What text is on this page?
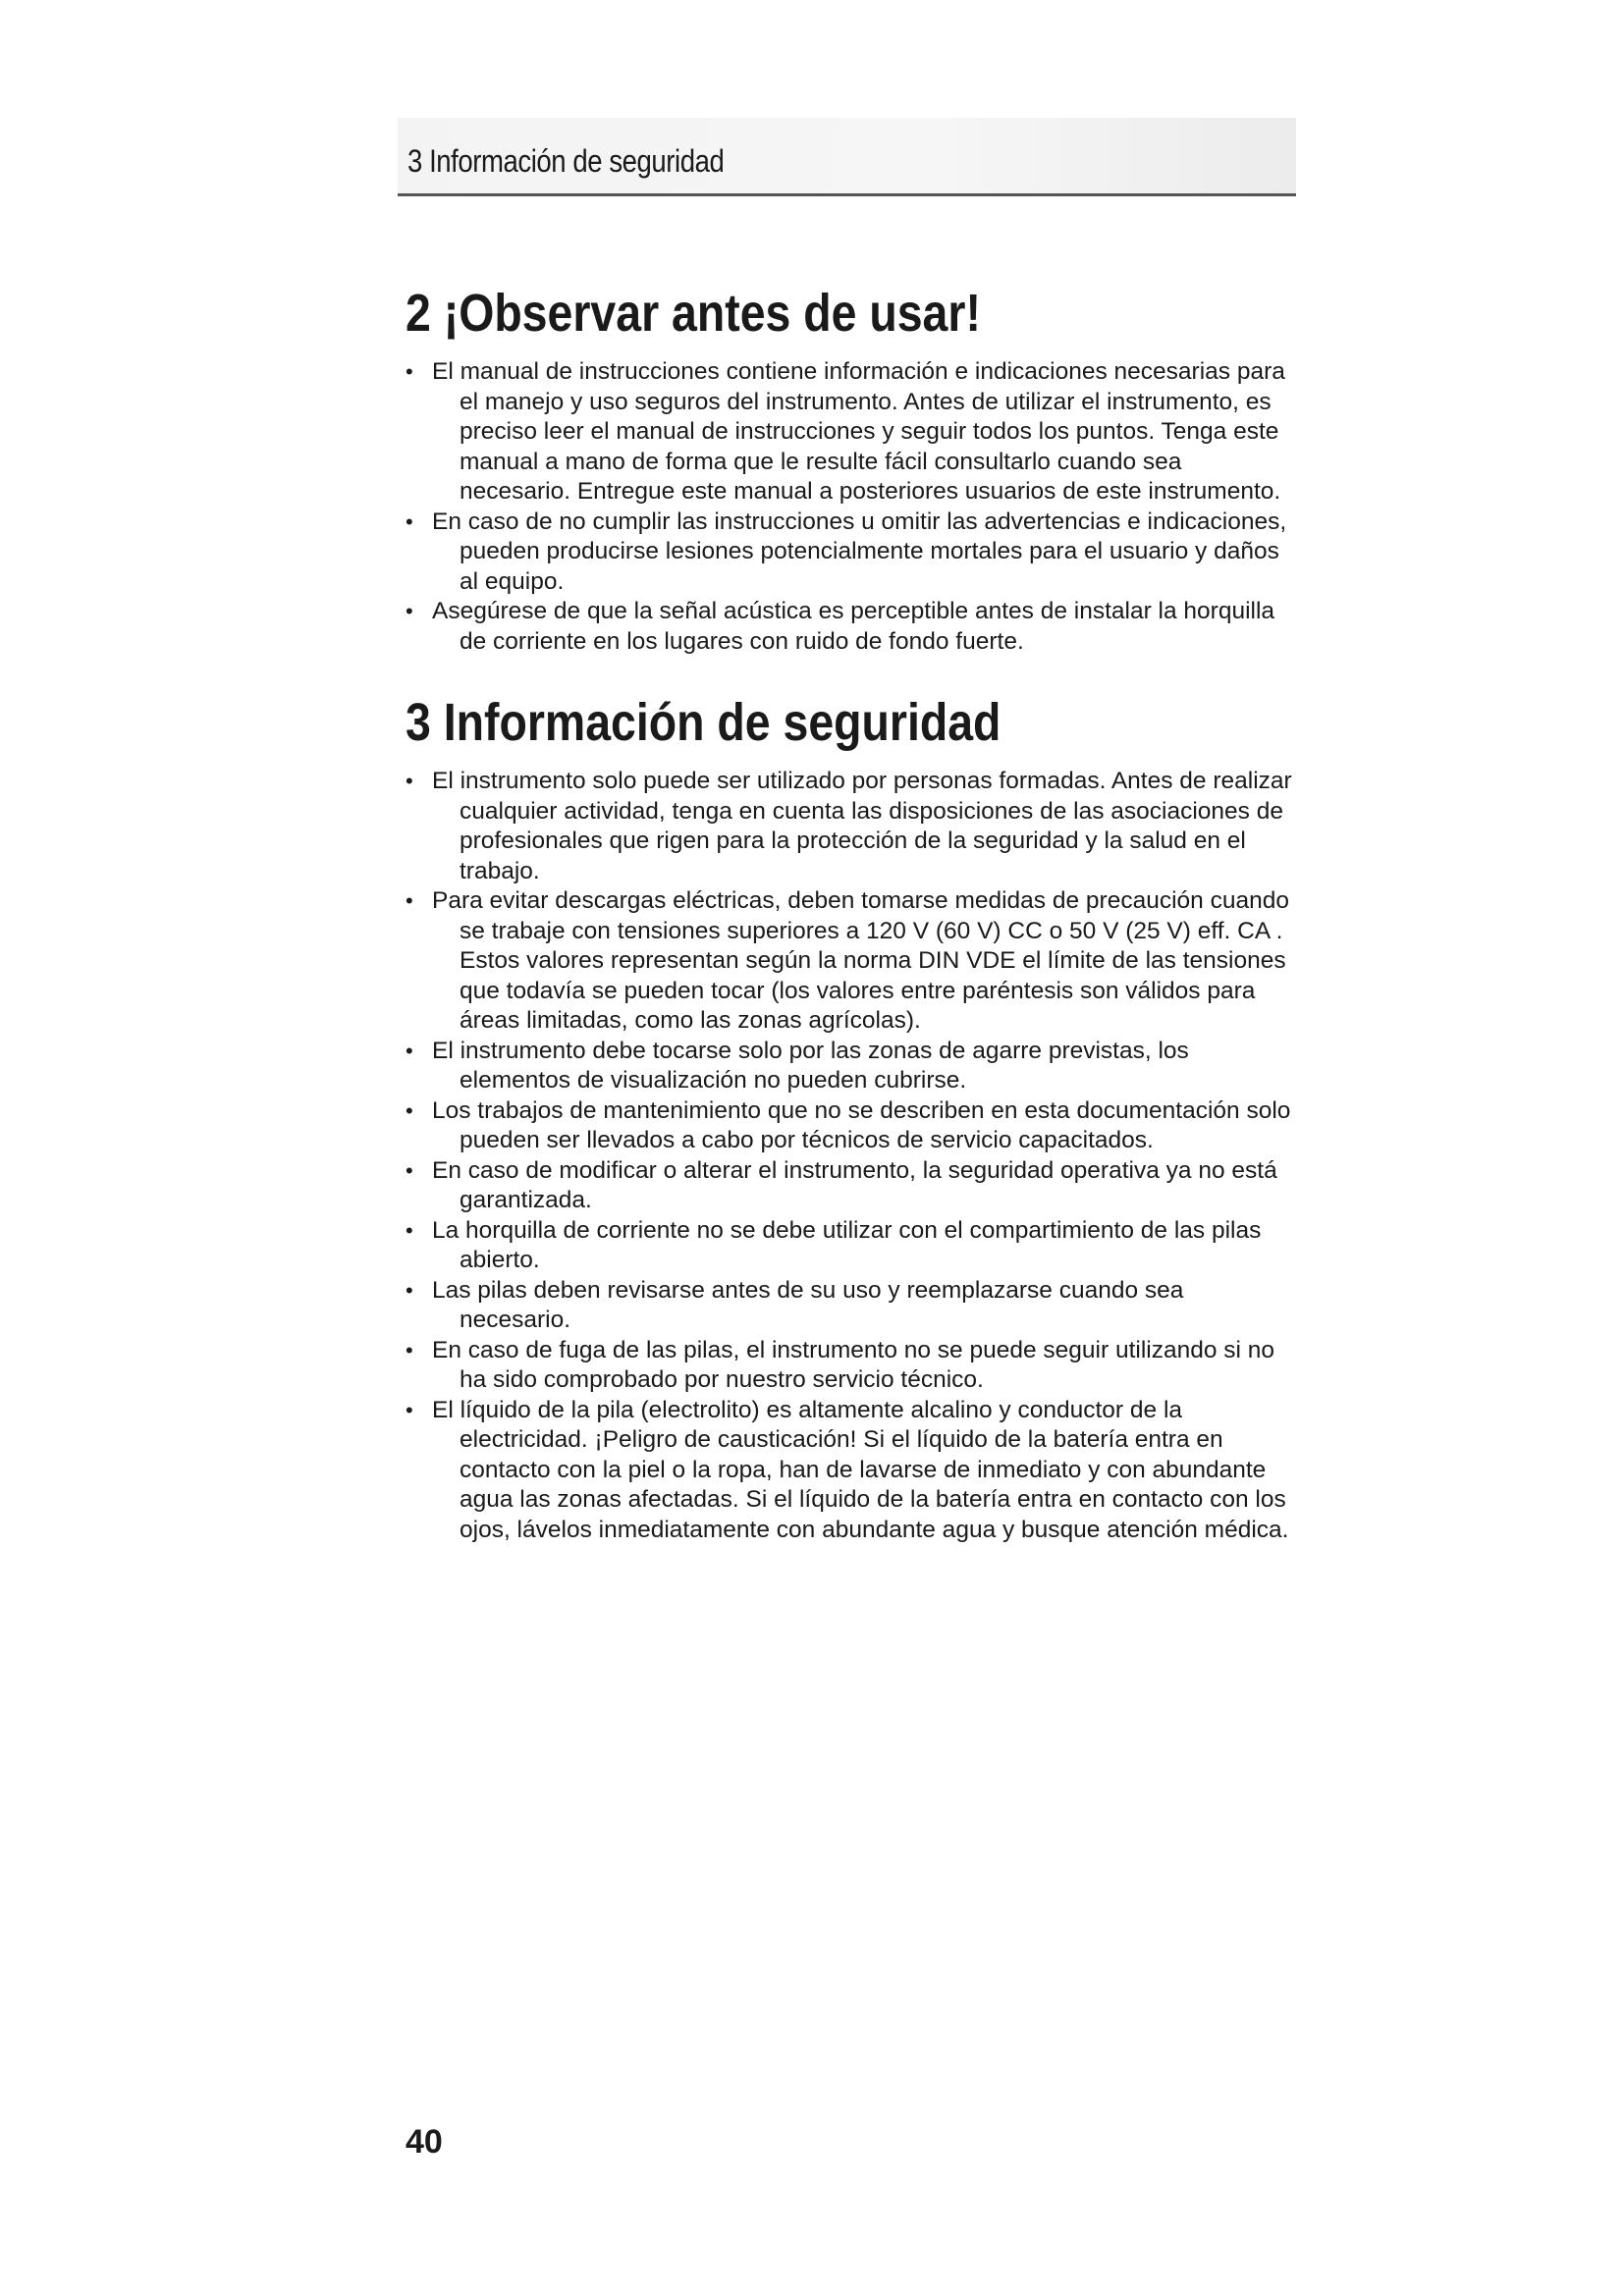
3 Información de seguridad
2 ¡Observar antes de usar!
• El manual de instrucciones contiene información e indicaciones necesarias para el manejo y uso seguros del instrumento. Antes de utilizar el instrumento, es preciso leer el manual de instrucciones y seguir todos los puntos. Tenga este manual a mano de forma que le resulte fácil consultarlo cuando sea necesario. Entregue este manual a posteriores usuarios de este instrumento.
• En caso de no cumplir las instrucciones u omitir las advertencias e indicaciones, pueden producirse lesiones potencialmente mortales para el usuario y daños al equipo.
• Asegúrese de que la señal acústica es perceptible antes de instalar la horquilla de corriente en los lugares con ruido de fondo fuerte.
3 Información de seguridad
• El instrumento solo puede ser utilizado por personas formadas. Antes de realizar cualquier actividad, tenga en cuenta las disposiciones de las asociaciones de profesionales que rigen para la protección de la seguridad y la salud en el trabajo.
• Para evitar descargas eléctricas, deben tomarse medidas de precaución cuando se trabaje con tensiones superiores a 120 V (60 V) CC o 50 V (25 V) eff. CA . Estos valores representan según la norma DIN VDE el límite de las tensiones que todavía se pueden tocar (los valores entre paréntesis son válidos para áreas limitadas, como las zonas agrícolas).
• El instrumento debe tocarse solo por las zonas de agarre previstas, los elementos de visualización no pueden cubrirse.
• Los trabajos de mantenimiento que no se describen en esta documentación solo pueden ser llevados a cabo por técnicos de servicio capacitados.
• En caso de modificar o alterar el instrumento, la seguridad operativa ya no está garantizada.
• La horquilla de corriente no se debe utilizar con el compartimiento de las pilas abierto.
• Las pilas deben revisarse antes de su uso y reemplazarse cuando sea necesario.
• En caso de fuga de las pilas, el instrumento no se puede seguir utilizando si no ha sido comprobado por nuestro servicio técnico.
• El líquido de la pila (electrolito) es altamente alcalino y conductor de la electricidad. ¡Peligro de causticación! Si el líquido de la batería entra en contacto con la piel o la ropa, han de lavarse de inmediato y con abundante agua las zonas afectadas. Si el líquido de la batería entra en contacto con los ojos, lávelos inmediatamente con abundante agua y busque atención médica.
40
